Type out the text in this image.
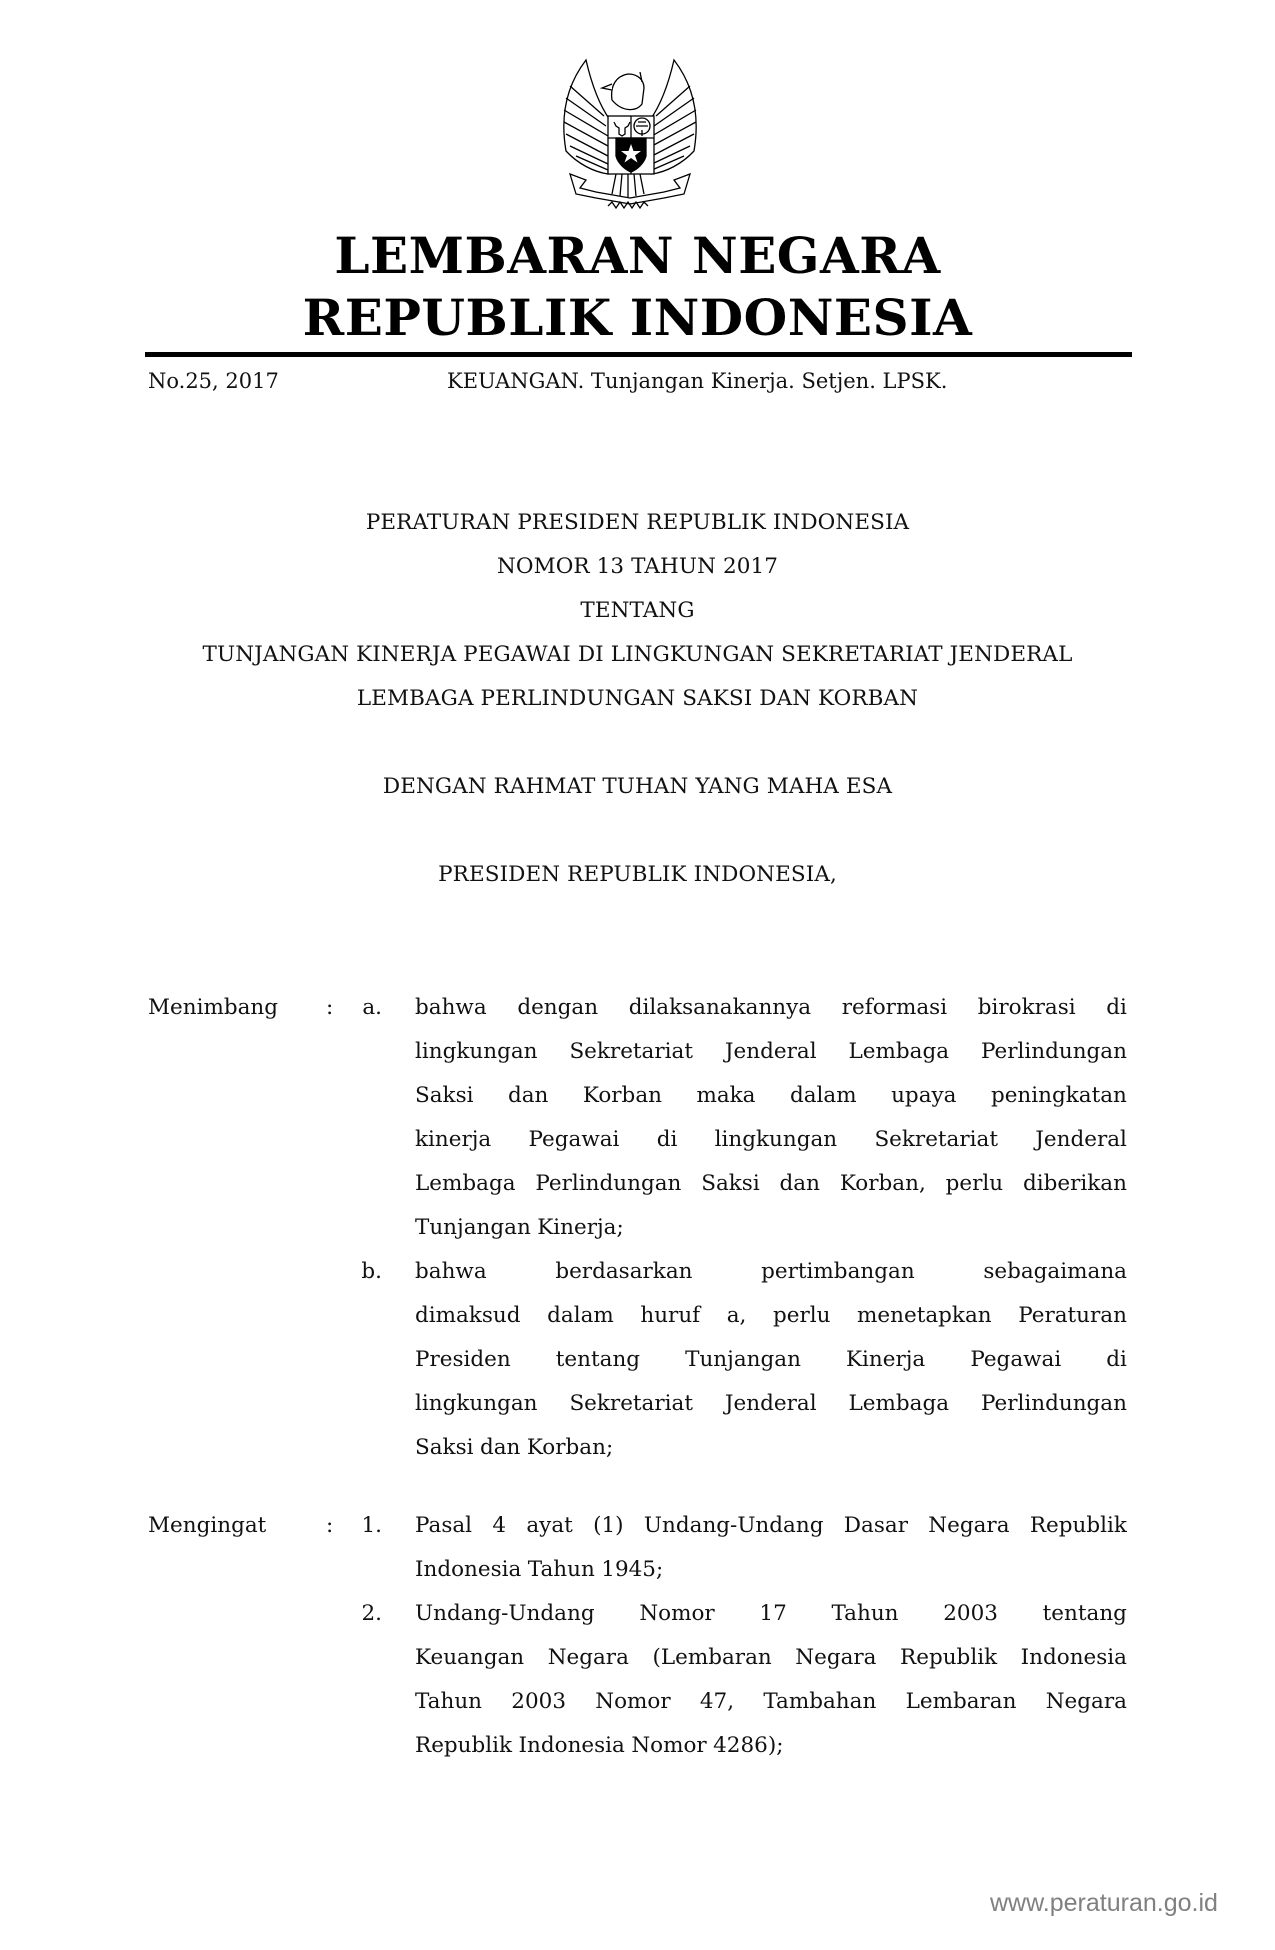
LEMBARAN NEGARA
REPUBLIK INDONESIA
No.25, 2017	KEUANGAN. Tunjangan Kinerja. Setjen. LPSK.
PERATURAN PRESIDEN REPUBLIK INDONESIA
NOMOR 13 TAHUN 2017
TENTANG
TUNJANGAN KINERJA PEGAWAI DI LINGKUNGAN SEKRETARIAT JENDERAL
LEMBAGA PERLINDUNGAN SAKSI DAN KORBAN
DENGAN RAHMAT TUHAN YANG MAHA ESA
PRESIDEN REPUBLIK INDONESIA,
Menimbang :	a. bahwa dengan dilaksanakannya reformasi birokrasi di
lingkungan Sekretariat Jenderal Lembaga Perlindungan
Saksi dan Korban maka dalam upaya peningkatan
kinerja Pegawai di lingkungan Sekretariat Jenderal
Lembaga Perlindungan Saksi dan Korban, perlu diberikan
Tunjangan Kinerja;
b. bahwa	berdasarkan	pertimbangan	sebagaimana
dimaksud dalam huruf a, perlu menetapkan Peraturan
Presiden tentang Tunjangan Kinerja Pegawai di
lingkungan Sekretariat Jenderal Lembaga Perlindungan
Saksi dan Korban;
Mengingat	:	1. Pasal 4 ayat (1) Undang-Undang Dasar Negara Republik
Indonesia Tahun 1945;
2. Undang-Undang Nomor 17 Tahun 2003 tentang
Keuangan Negara (Lembaran Negara Republik Indonesia
Tahun 2003 Nomor 47, Tambahan Lembaran Negara
Republik Indonesia Nomor 4286);
www.peraturan.go.id
